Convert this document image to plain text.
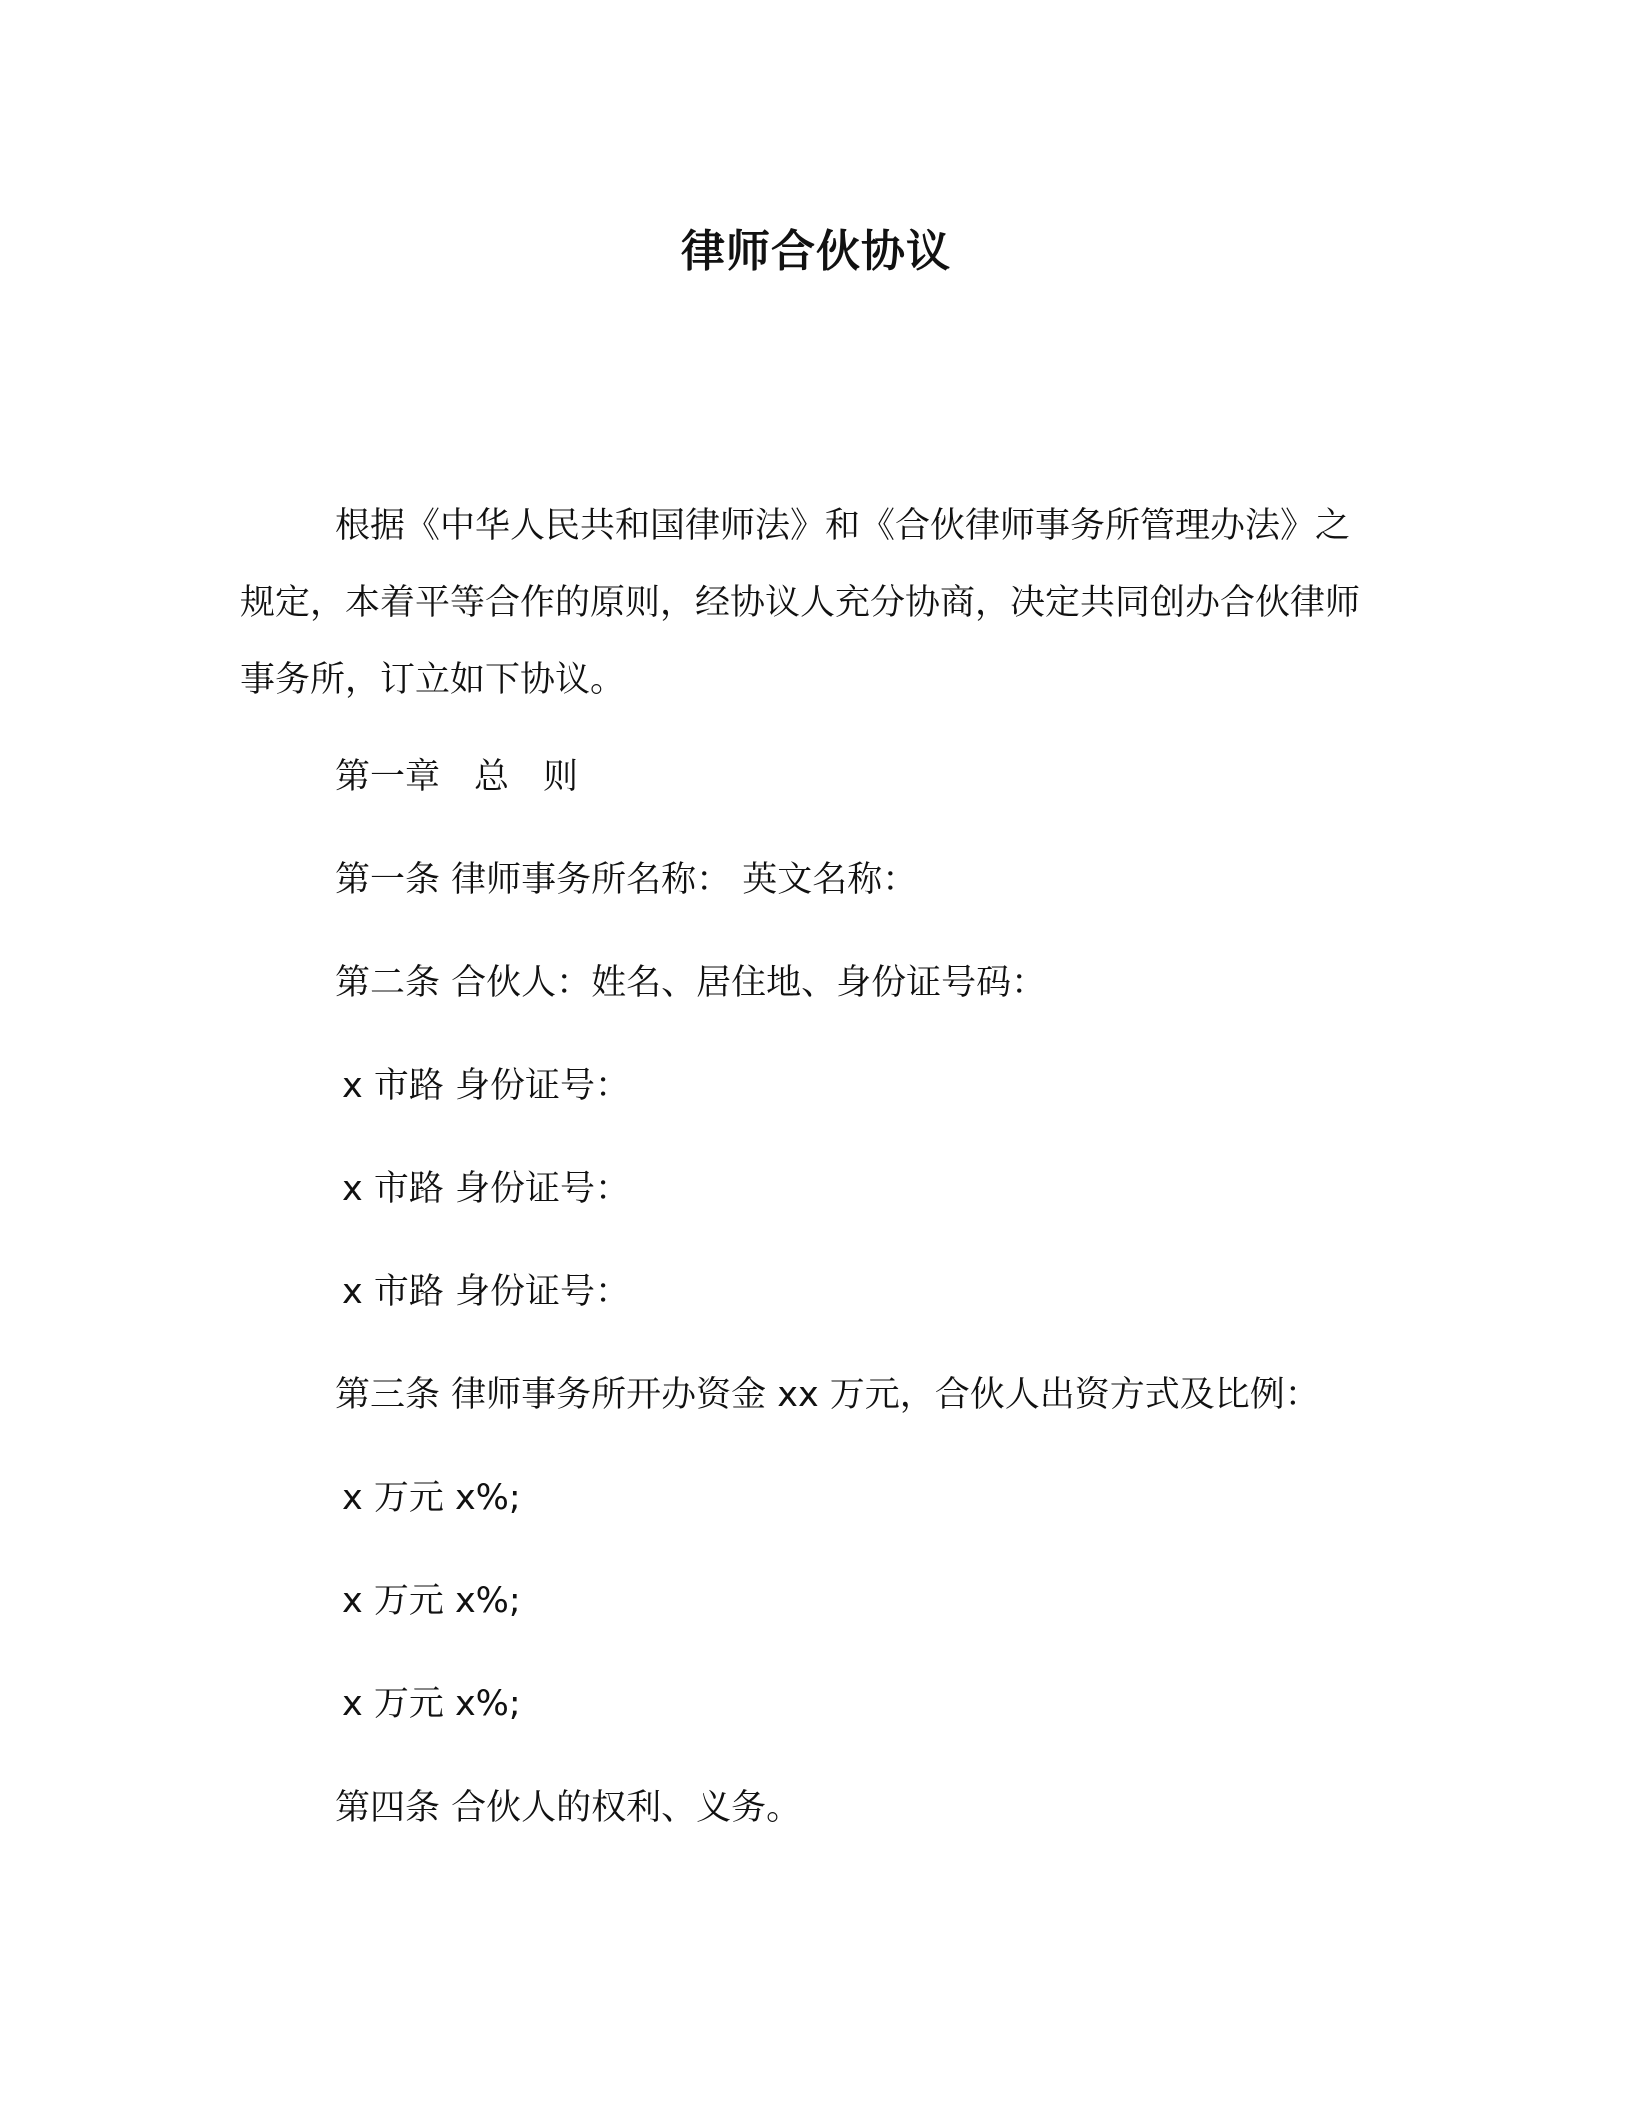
律师合伙协议

根据《中华人民共和国律师法》和《合伙律师事务所管理办法》之规定，本着平等合作的原则，经协议人充分协商，决定共同创办合伙律师事务所，订立如下协议。

第一章 总 则

第一条 律师事务所名称： 英文名称：

第二条 合伙人：姓名、居住地、身份证号码：

x 市路 身份证号：

x 市路 身份证号：

x 市路 身份证号：

第三条 律师事务所开办资金 xx 万元，合伙人出资方式及比例：

x 万元 x%;

x 万元 x%;

x 万元 x%;

第四条 合伙人的权利、义务。
